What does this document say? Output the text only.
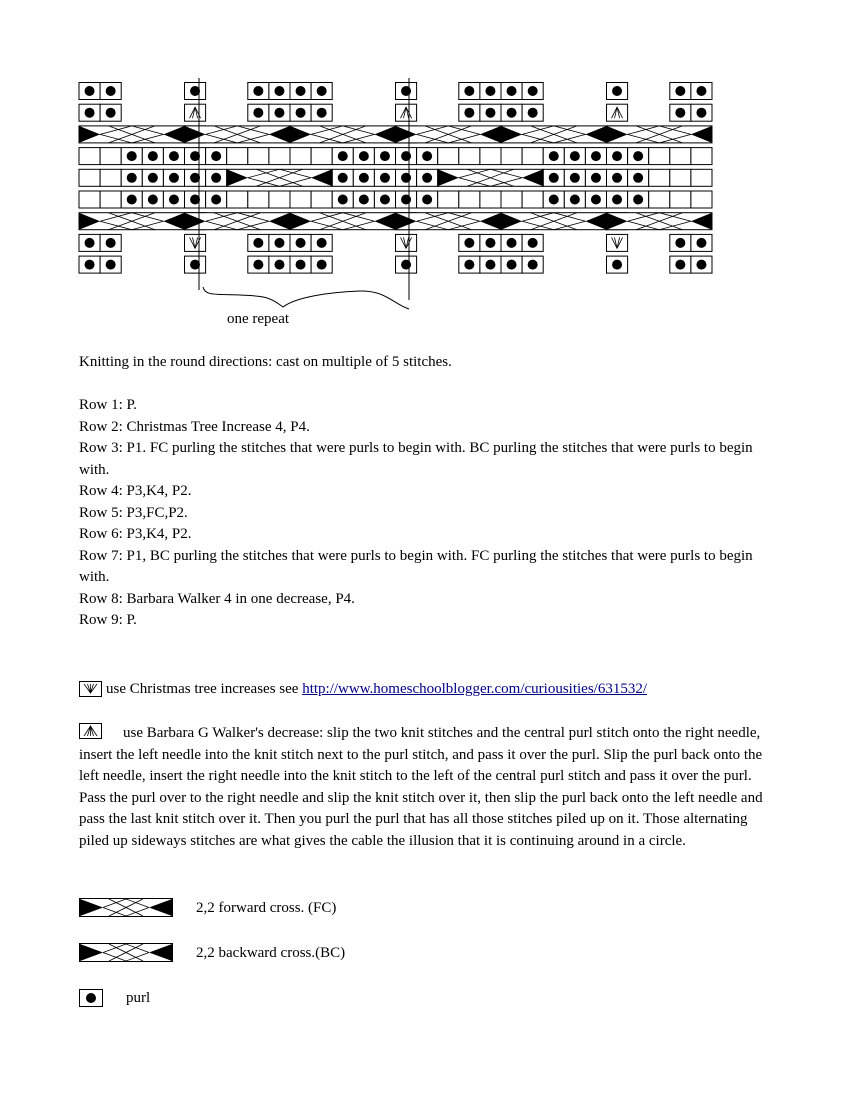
one repeat

Knitting in the round directions: cast on multiple of 5 stitches.

Row 1: P.

Row 2: Christmas Tree Increase 4, P4.

Row 3: P1. FC purling the stitches that were purls to begin with. BC purling the stitches that were purls to begin with.

Row 4: P3,K4, P2.

Row 5: P3,FC,P2.

Row 6: P3,K4, P2.

Row 7: P1, BC purling the stitches that were purls to begin with. FC purling the stitches that were purls to begin with.

Row 8: Barbara Walker 4 in one decrease, P4.

Row 9: P.

use Christmas tree increases see http://www.homeschoolblogger.com/curiousities/631532/
use Barbara G Walker's decrease: slip the two knit stitches and the central purl stitch onto the right needle, insert the left needle into the knit stitch next to the purl stitch, and pass it over the purl. Slip the purl back onto the left needle, insert the right needle into the knit stitch to the left of the central purl stitch and pass it over the purl. Pass the purl over to the right needle and slip the knit stitch over it, then slip the purl back onto the left needle and pass the last knit stitch over it. Then you purl the purl that has all those stitches piled up on it. Those alternating piled up sideways stitches are what gives the cable the illusion that it is continuing around in a circle.
2,2 forward cross. (FC)
2,2 backward cross.(BC)
purl
